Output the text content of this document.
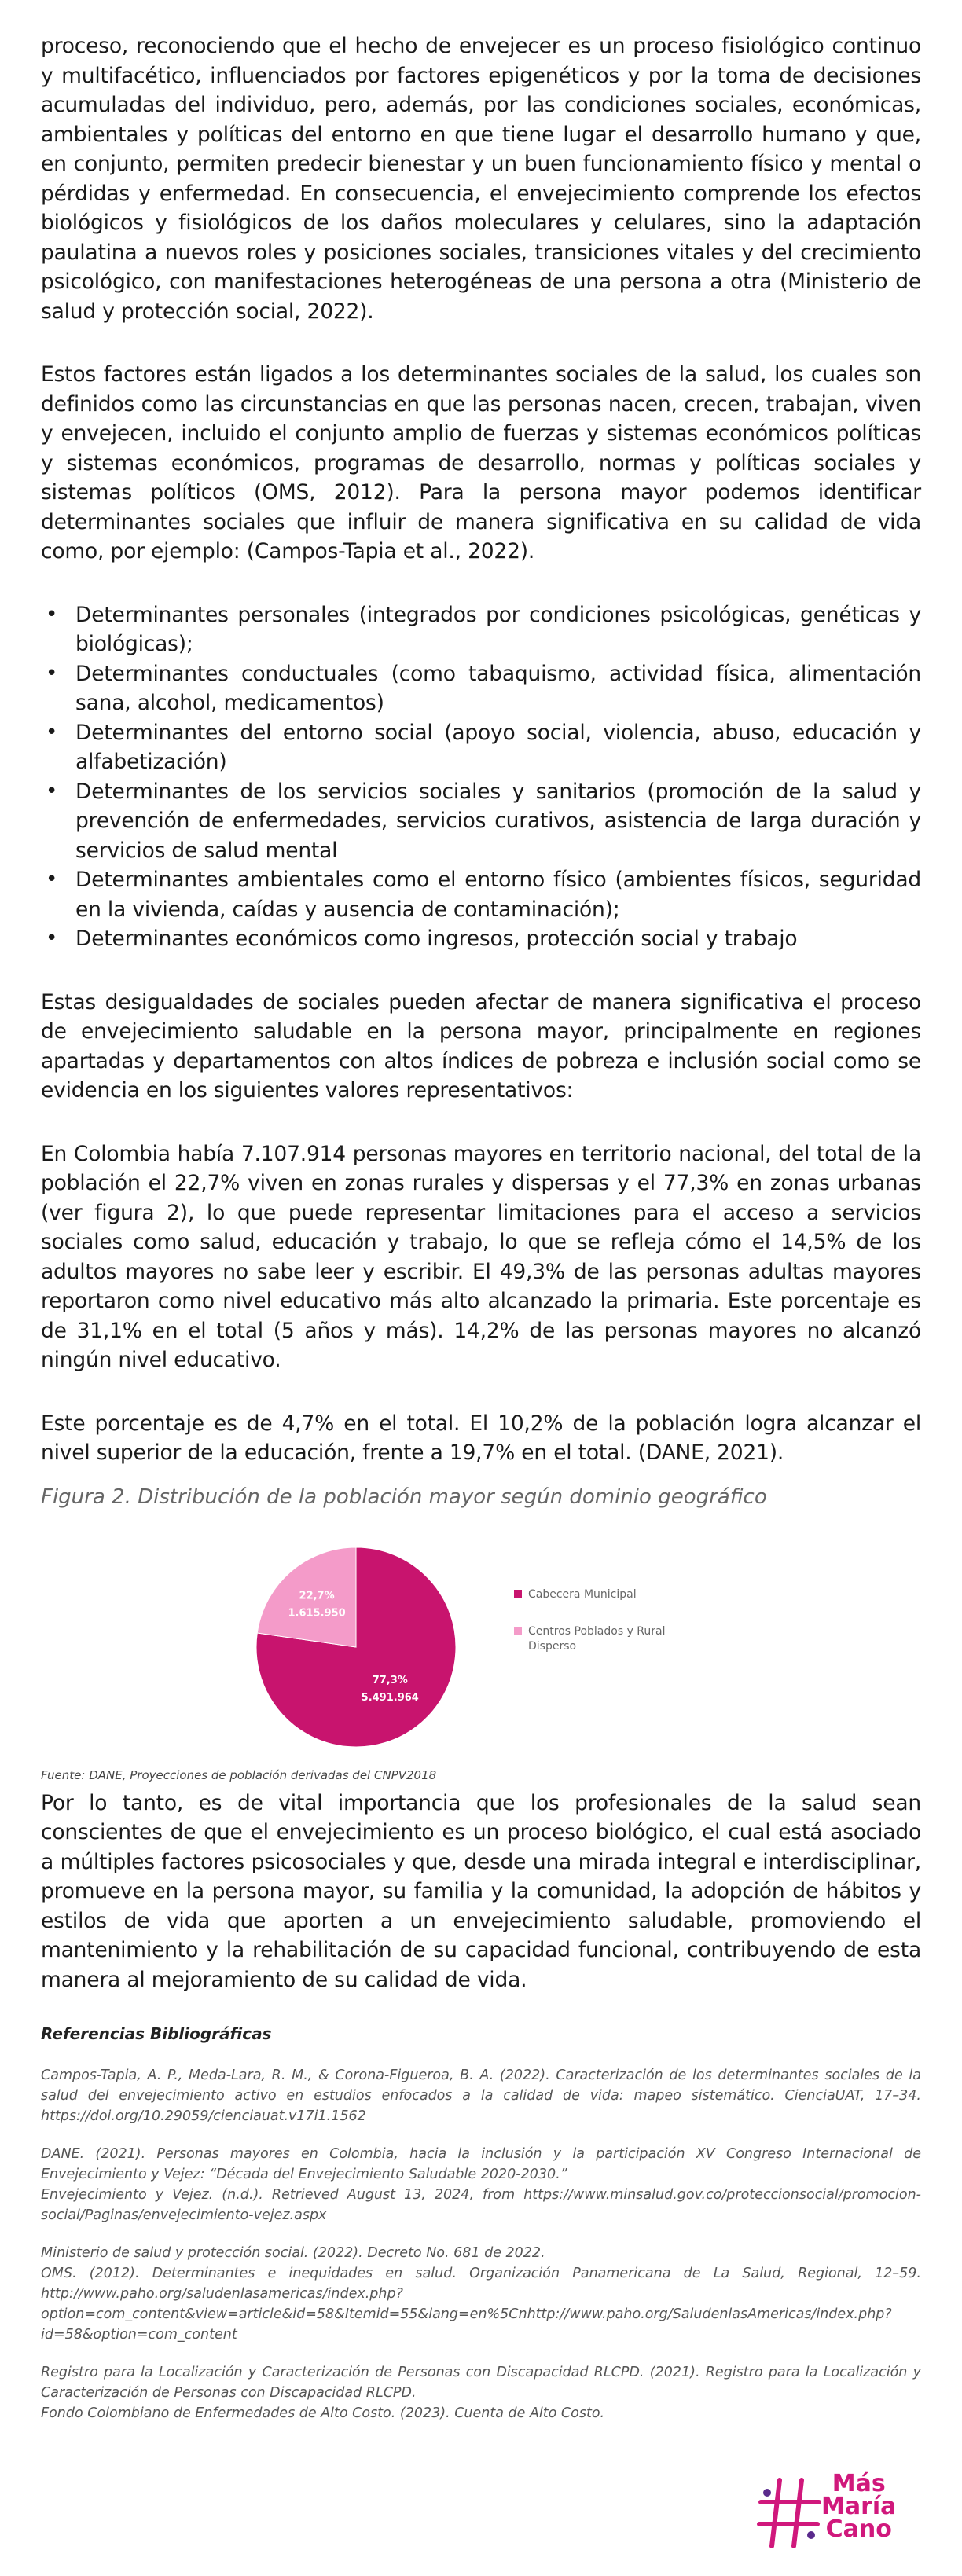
proceso, reconociendo que el hecho de envejecer es un proceso fisiológico continuo y multifacético, influenciados por factores epigenéticos y por la toma de decisiones acumuladas del individuo, pero, además, por las condiciones sociales, económicas, ambientales y políticas del entorno en que tiene lugar el desarrollo humano y que, en conjunto, permiten predecir bienestar y un buen funcionamiento físico y mental o pérdidas y enfermedad. En consecuencia, el envejecimiento comprende los efectos biológicos y fisiológicos de los daños moleculares y celulares, sino la adaptación paulatina a nuevos roles y posiciones sociales, transiciones vitales y del crecimiento psicológico, con manifestaciones heterogéneas de una persona a otra (Ministerio de salud y protección social, 2022).

Estos factores están ligados a los determinantes sociales de la salud, los cuales son definidos como las circunstancias en que las personas nacen, crecen, trabajan, viven y envejecen, incluido el conjunto amplio de fuerzas y sistemas económicos políticas y sistemas económicos, programas de desarrollo, normas y políticas sociales y sistemas políticos (OMS, 2012). Para la persona mayor podemos identificar determinantes sociales que influir de manera significativa en su calidad de vida como, por ejemplo: (Campos-Tapia et al., 2022).

• Determinantes personales (integrados por condiciones psicológicas, genéticas y biológicas);
• Determinantes conductuales (como tabaquismo, actividad física, alimentación sana, alcohol, medicamentos)
• Determinantes del entorno social (apoyo social, violencia, abuso, educación y alfabetización)
• Determinantes de los servicios sociales y sanitarios (promoción de la salud y prevención de enfermedades, servicios curativos, asistencia de larga duración y servicios de salud mental
• Determinantes ambientales como el entorno físico (ambientes físicos, seguridad en la vivienda, caídas y ausencia de contaminación);
• Determinantes económicos como ingresos, protección social y trabajo

Estas desigualdades de sociales pueden afectar de manera significativa el proceso de envejecimiento saludable en la persona mayor, principalmente en regiones apartadas y departamentos con altos índices de pobreza e inclusión social como se evidencia en los siguientes valores representativos:

En Colombia había 7.107.914 personas mayores en territorio nacional, del total de la población el 22,7% viven en zonas rurales y dispersas y el 77,3% en zonas urbanas (ver figura 2), lo que puede representar limitaciones para el acceso a servicios sociales como salud, educación y trabajo, lo que se refleja cómo el 14,5% de los adultos mayores no sabe leer y escribir. El 49,3% de las personas adultas mayores reportaron como nivel educativo más alto alcanzado la primaria. Este porcentaje es de 31,1% en el total (5 años y más). 14,2% de las personas mayores no alcanzó ningún nivel educativo.

Este porcentaje es de 4,7% en el total. El 10,2% de la población logra alcanzar el nivel superior de la educación, frente a 19,7% en el total. (DANE, 2021).

Figura 2. Distribución de la población mayor según dominio geográfico

77,3%
5.491.964
22,7%
1.615.950
Cabecera Municipal
Centros Poblados y Rural Disperso

Fuente: DANE, Proyecciones de población derivadas del CNPV2018

Por lo tanto, es de vital importancia que los profesionales de la salud sean conscientes de que el envejecimiento es un proceso biológico, el cual está asociado a múltiples factores psicosociales y que, desde una mirada integral e interdisciplinar, promueve en la persona mayor, su familia y la comunidad, la adopción de hábitos y estilos de vida que aporten a un envejecimiento saludable, promoviendo el mantenimiento y la rehabilitación de su capacidad funcional, contribuyendo de esta manera al mejoramiento de su calidad de vida.

Referencias Bibliográficas

Campos-Tapia, A. P., Meda-Lara, R. M., & Corona-Figueroa, B. A. (2022). Caracterización de los determinantes sociales de la salud del envejecimiento activo en estudios enfocados a la calidad de vida: mapeo sistemático. CienciaUAT, 17–34. https://doi.org/10.29059/cienciauat.v17i1.1562

DANE. (2021). Personas mayores en Colombia, hacia la inclusión y la participación XV Congreso Internacional de Envejecimiento y Vejez: “Década del Envejecimiento Saludable 2020-2030.”

Envejecimiento y Vejez. (n.d.). Retrieved August 13, 2024, from https://www.minsalud.gov.co/proteccionsocial/promocion-social/Paginas/envejecimiento-vejez.aspx

Ministerio de salud y protección social. (2022). Decreto No. 681 de 2022.

OMS. (2012). Determinantes e inequidades en salud. Organización Panamericana de La Salud, Regional, 12–59. http://www.paho.org/saludenlasamericas/index.php?option=com_content&view=article&id=58&Itemid=55&lang=en%5Cnhttp://www.paho.org/SaludenlasAmericas/index.php?id=58&option=com_content

Registro para la Localización y Caracterización de Personas con Discapacidad RLCPD. (2021). Registro para la Localización y Caracterización de Personas con Discapacidad RLCPD.

Fondo Colombiano de Enfermedades de Alto Costo. (2023). Cuenta de Alto Costo.

Más
María
Cano
